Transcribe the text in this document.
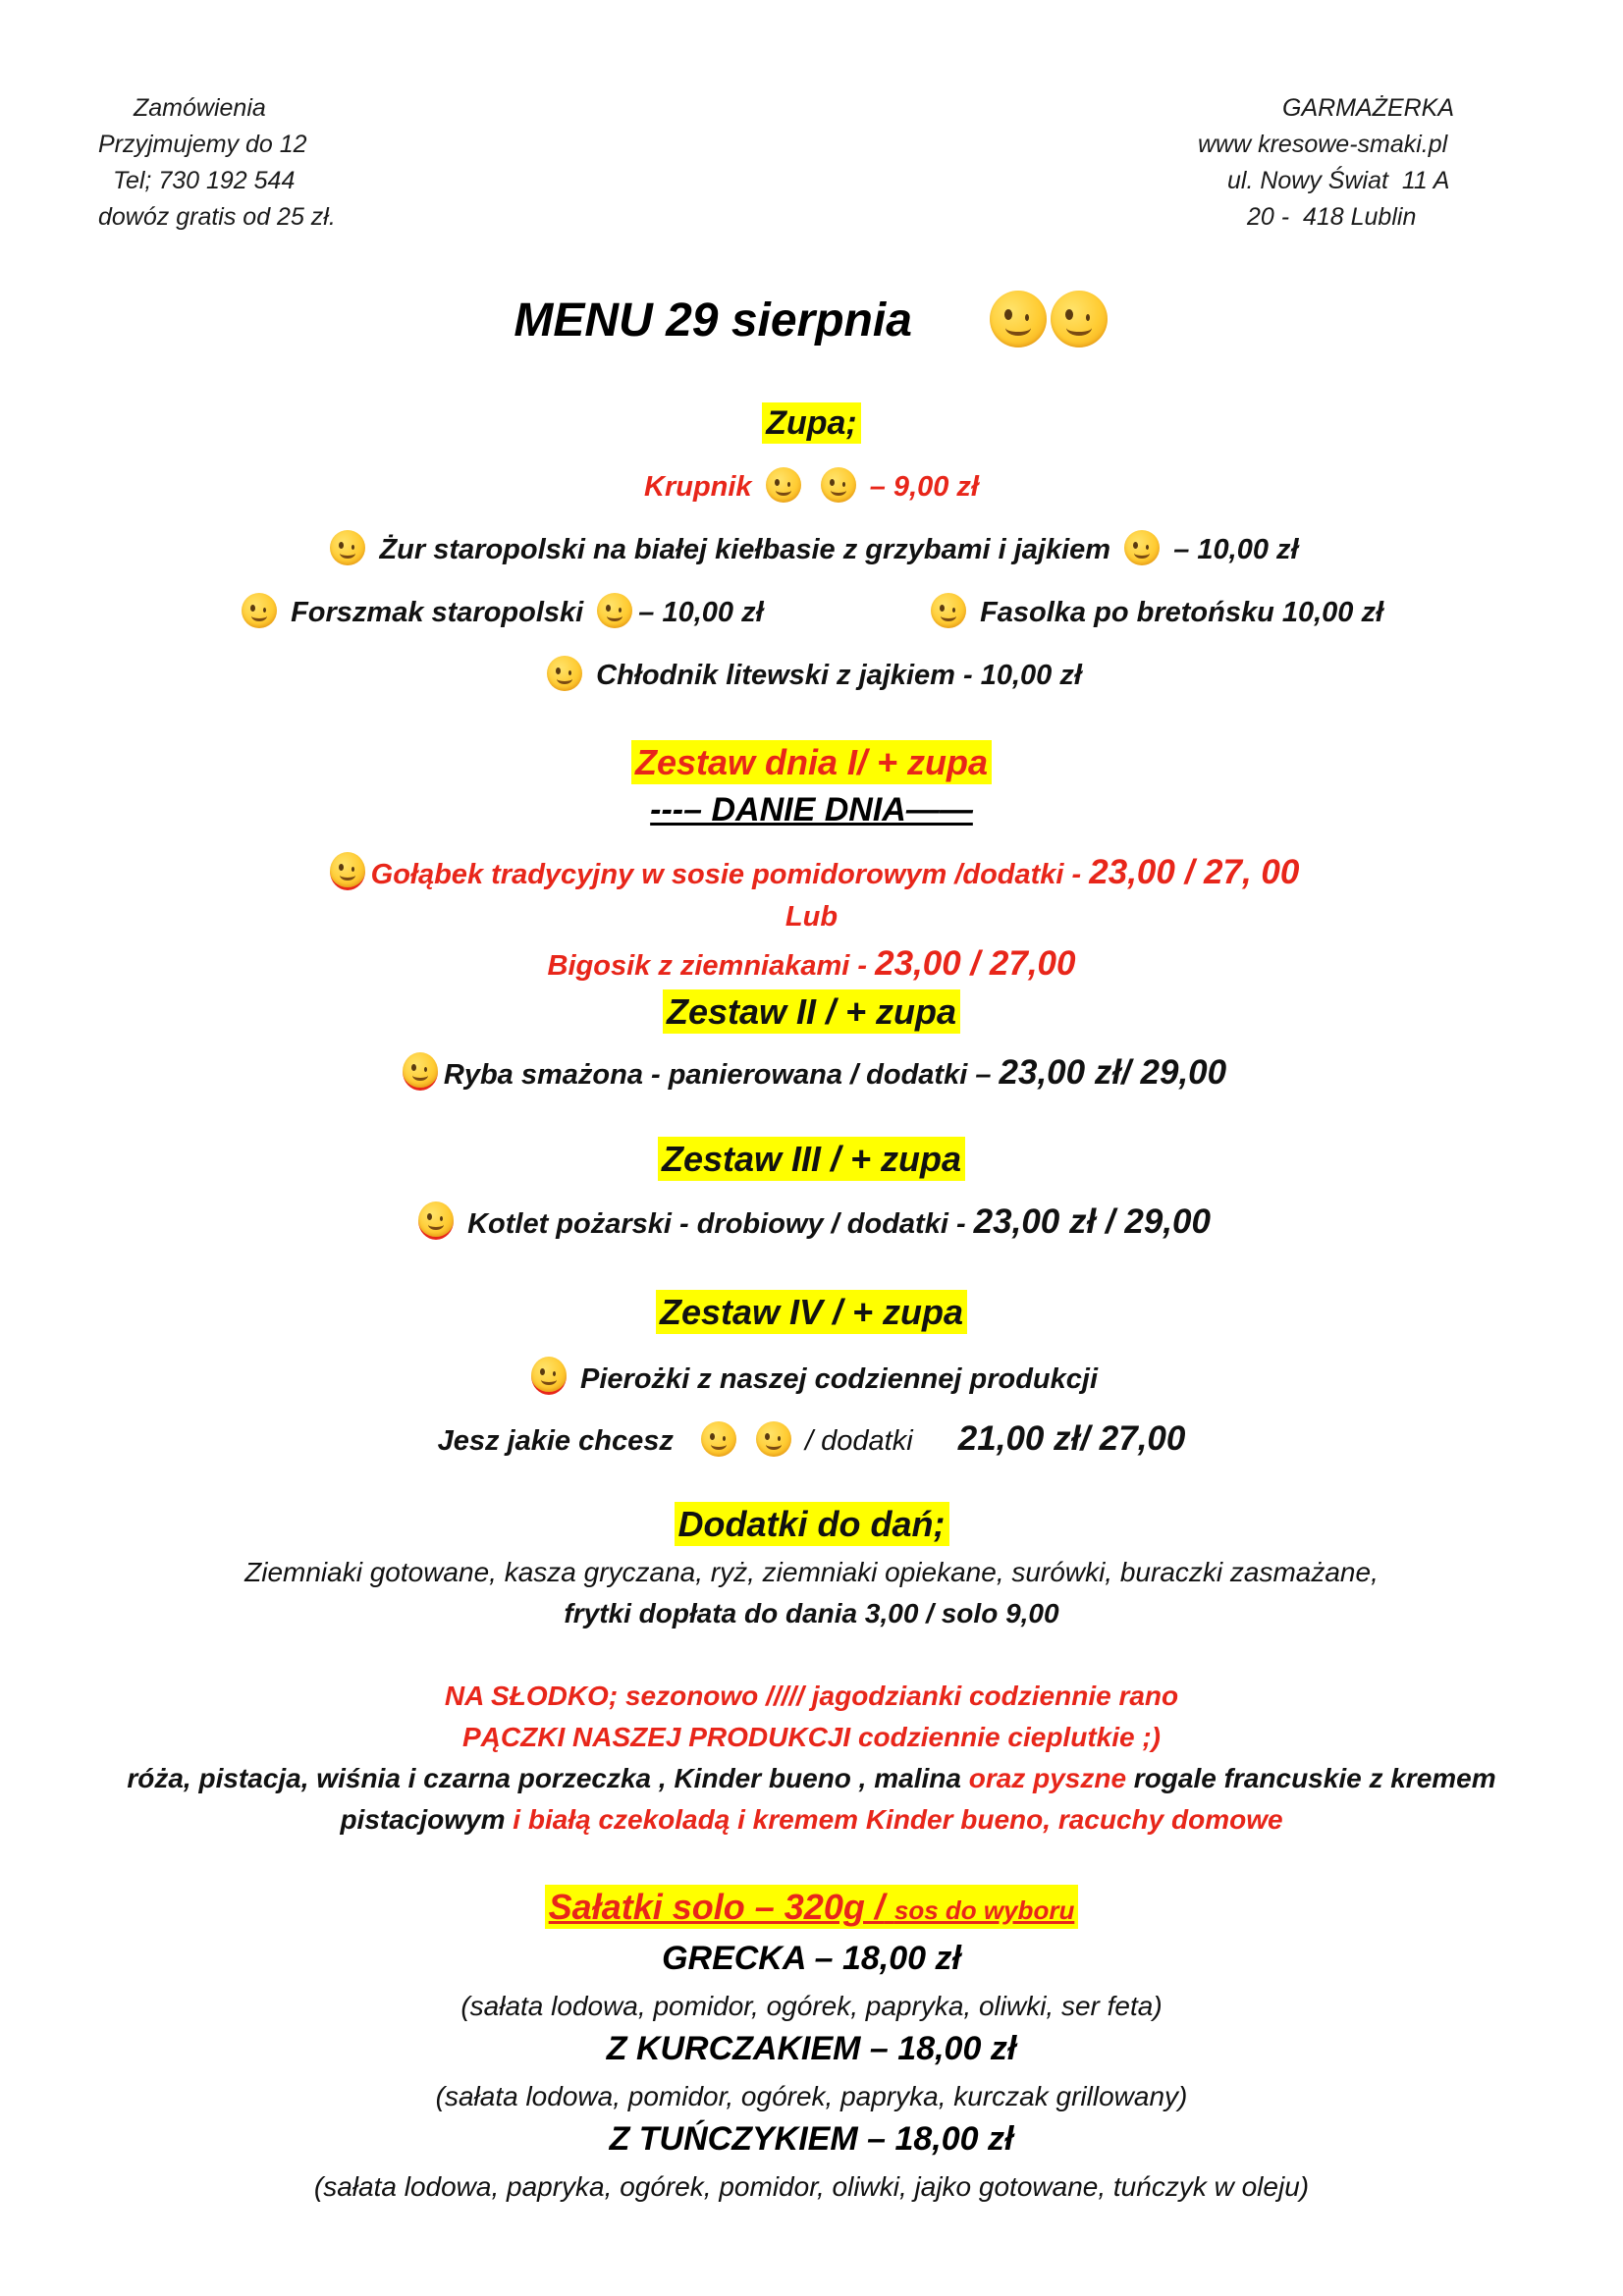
Zamówienia
Przyjmujemy do 12
Tel; 730 192 544
dowóz gratis od 25 zł.
GARMAŻERKA
www kresowe-smaki.pl
ul. Nowy Świat  11 A
20 -  418 Lublin
MENU 29 sierpnia
Zupa;
Krupnik	– 9,00 zł
Żur staropolski na białej kiełbasie z grzybami i jajkiem – 10,00 zł
Forszmak staropolski – 10,00 zł	Fasolka po bretońsku 10,00 zł
Chłodnik litewski z jajkiem - 10,00 zł
Zestaw dnia I/ + zupa
---– DANIE DNIA——
Gołąbek tradycyjny w sosie pomidorowym /dodatki - 23,00 / 27, 00
Lub
Bigosik z ziemniakami - 23,00 / 27,00
Zestaw II / + zupa
Ryba smażona - panierowana / dodatki – 23,00 zł/ 29,00
Zestaw III / + zupa
Kotlet pożarski - drobiowy / dodatki - 23,00 zł / 29,00
Zestaw IV / + zupa
Pierożki z naszej codziennej produkcji
Jesz jakie chcesz	/ dodatki 21,00 zł/ 27,00
Dodatki do dań;
Ziemniaki gotowane, kasza gryczana, ryż, ziemniaki opiekane, surówki, buraczki zasmażane,
frytki dopłata do dania 3,00 / solo 9,00
NA SŁODKO; sezonowo ///// jagodzianki codziennie rano
PĄCZKI NASZEJ PRODUKCJI codziennie cieplutkie ;)
róża, pistacja, wiśnia i czarna porzeczka , Kinder bueno , malina oraz pyszne rogale francuskie z kremem
pistacjowym i białą czekoladą i kremem Kinder bueno, racuchy domowe
Sałatki solo – 320g / sos do wyboru
GRECKA – 18,00 zł
(sałata lodowa, pomidor, ogórek, papryka, oliwki, ser feta)
Z KURCZAKIEM – 18,00 zł
(sałata lodowa, pomidor, ogórek, papryka, kurczak grillowany)
Z TUŃCZYKIEM – 18,00 zł
(sałata lodowa, papryka, ogórek, pomidor, oliwki, jajko gotowane, tuńczyk w oleju)
